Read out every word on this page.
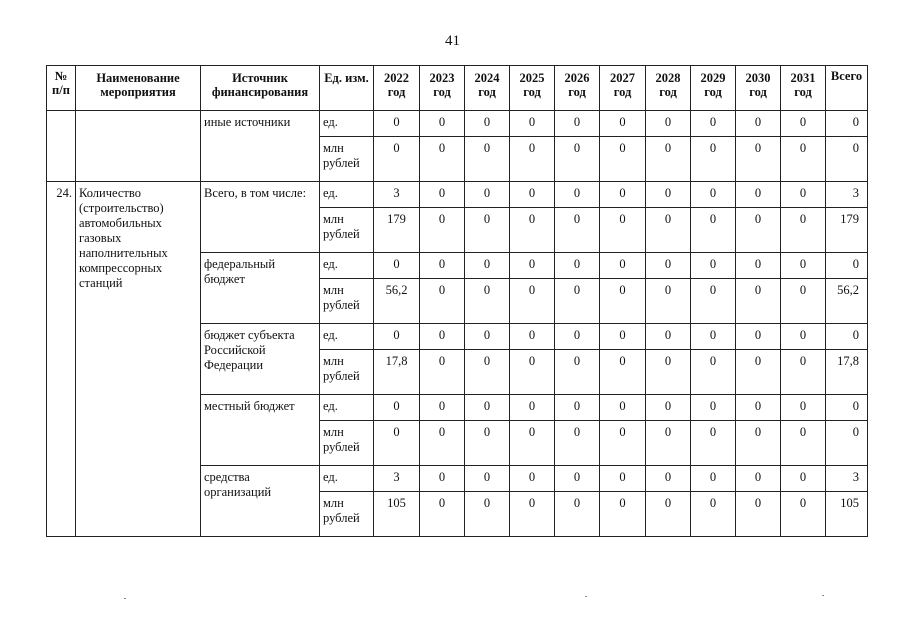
41
№
п/п	Наименование мероприятия	Источник финансирования	Ед. изм.	2022 год	2023 год	2024 год	2025 год	2026 год	2027 год	2028 год	2029 год	2030 год	2031 год	Всего
		иные источники	ед.	0	0	0	0	0	0	0	0	0	0	0
			млн рублей	0	0	0	0	0	0	0	0	0	0	0
24.	Количество (строительство) автомобильных газовых наполнительных компрессорных станций	Всего, в том числе:	ед.	3	0	0	0	0	0	0	0	0	0	3
			млн рублей	179	0	0	0	0	0	0	0	0	0	179
		федеральный бюджет	ед.	0	0	0	0	0	0	0	0	0	0	0
			млн рублей	56,2	0	0	0	0	0	0	0	0	0	56,2
		бюджет субъекта Российской Федерации	ед.	0	0	0	0	0	0	0	0	0	0	0
			млн рублей	17,8	0	0	0	0	0	0	0	0	0	17,8
		местный бюджет	ед.	0	0	0	0	0	0	0	0	0	0	0
			млн рублей	0	0	0	0	0	0	0	0	0	0	0
		средства организаций	ед.	3	0	0	0	0	0	0	0	0	0	3
			млн рублей	105	0	0	0	0	0	0	0	0	0	105
